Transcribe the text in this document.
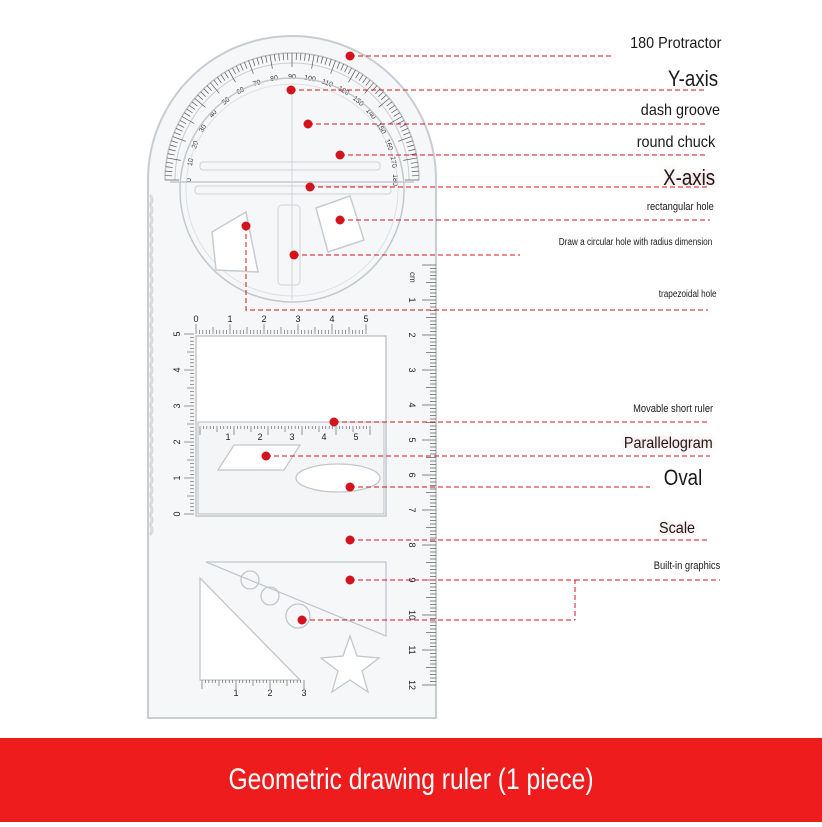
0
10
20
30
40
50
60
70
80 90 100 110
120
130
140
150
160
170
180
1
2
3
4
5
6
7
8
9
10
11
12
0	1	2	3	4	5
0
1
2
3
4
5
1	2	3	4	5
1	2	3
cm
180 Protractor
Y-axis
dash groove
round chuck
X-axis
rectangular hole
Draw a circular hole with radius dimension
trapezoidal hole
Movable short ruler
Parallelogram
Oval
Scale
Built-in graphics
Geometric drawing ruler (1 piece)
